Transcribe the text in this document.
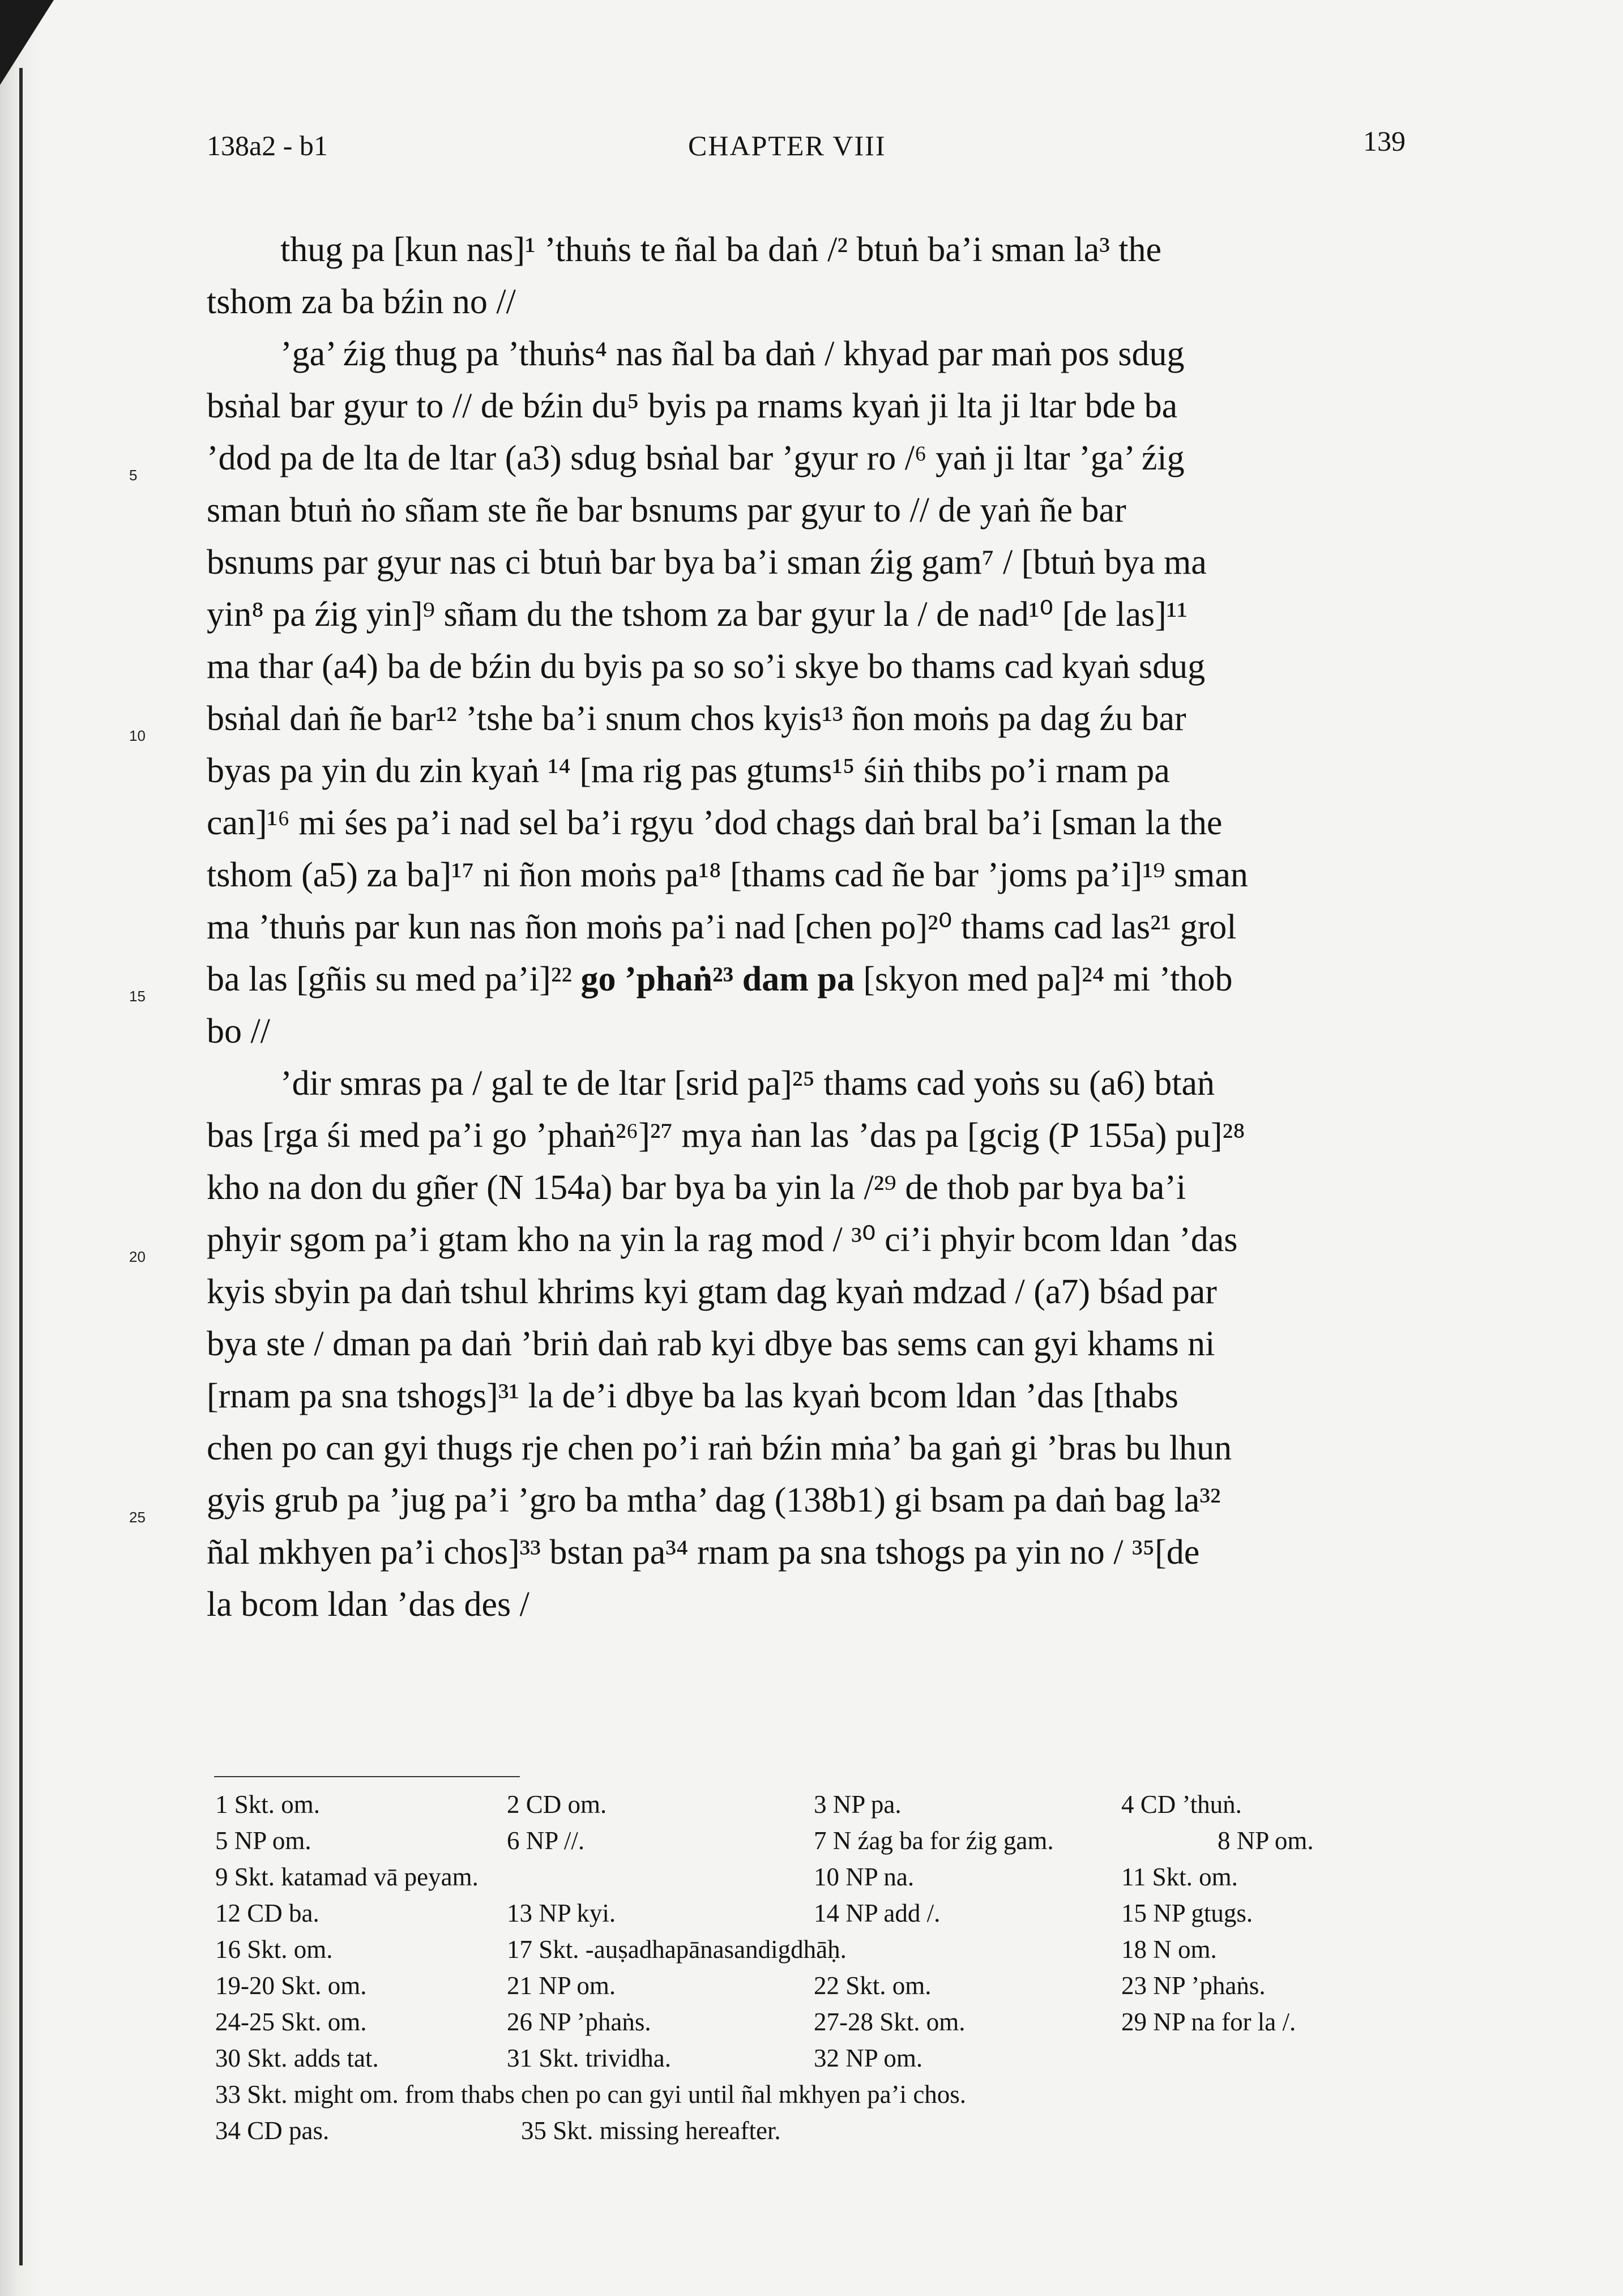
138a2 - b1	CHAPTER VIII	139
thug pa [kun nas]¹ ’thuṅs te ñal ba daṅ /² btuṅ ba’i sman la³ the
tshom za ba bźin no //
’ga’ źig thug pa ’thuṅs⁴ nas ñal ba daṅ / khyad par maṅ pos sdug
bsṅal bar gyur to // de bźin du⁵ byis pa rnams kyaṅ ji lta ji ltar bde ba
’dod pa de lta de ltar (a3) sdug bsṅal bar ’gyur ro /⁶ yaṅ ji ltar ’ga’ źig
sman btuṅ ṅo sñam ste ñe bar bsnums par gyur to // de yaṅ ñe bar
bsnums par gyur nas ci btuṅ bar bya ba’i sman źig gam⁷ / [btuṅ bya ma
yin⁸ pa źig yin]⁹ sñam du the tshom za bar gyur la / de nad¹⁰ [de las]¹¹
ma thar (a4) ba de bźin du byis pa so so’i skye bo thams cad kyaṅ sdug
bsṅal daṅ ñe bar¹² ’tshe ba’i snum chos kyis¹³ ñon moṅs pa dag źu bar
byas pa yin du zin kyaṅ ¹⁴ [ma rig pas gtums¹⁵ śiṅ thibs po’i rnam pa
can]¹⁶ mi śes pa’i nad sel ba’i rgyu ’dod chags daṅ bral ba’i [sman la the
tshom (a5) za ba]¹⁷ ni ñon moṅs pa¹⁸ [thams cad ñe bar ’joms pa’i]¹⁹ sman
ma ’thuṅs par kun nas ñon moṅs pa’i nad [chen po]²⁰ thams cad las²¹ grol
ba las [gñis su med pa’i]²² go ’phaṅ²³ dam pa [skyon med pa]²⁴ mi ’thob
bo //
’dir smras pa / gal te de ltar [srid pa]²⁵ thams cad yoṅs su (a6) btaṅ
bas [rga śi med pa’i go ’phaṅ²⁶]²⁷ mya ṅan las ’das pa [gcig (P 155a) pu]²⁸
kho na don du gñer (N 154a) bar bya ba yin la /²⁹ de thob par bya ba’i
phyir sgom pa’i gtam kho na yin la rag mod / ³⁰ ci’i phyir bcom ldan ’das
kyis sbyin pa daṅ tshul khrims kyi gtam dag kyaṅ mdzad / (a7) bśad par
bya ste / dman pa daṅ ’briṅ daṅ rab kyi dbye bas sems can gyi khams ni
[rnam pa sna tshogs]³¹ la de’i dbye ba las kyaṅ bcom ldan ’das [thabs
chen po can gyi thugs rje chen po’i raṅ bźin mṅa’ ba gaṅ gi ’bras bu lhun
gyis grub pa ’jug pa’i ’gro ba mtha’ dag (138b1) gi bsam pa daṅ bag la³²
ñal mkhyen pa’i chos]³³ bstan pa³⁴ rnam pa sna tshogs pa yin no / ³⁵[de
la bcom ldan ’das des /
5
10
15
20
25
1 Skt. om.	2 CD om.	3 NP pa.	4 CD ’thuṅ.
5 NP om.	6 NP //.	7 N źag ba for źig gam.	8 NP om.
9 Skt. katamad vā peyam.	10 NP na.	11 Skt. om.
12 CD ba.	13 NP kyi.	14 NP add /.	15 NP gtugs.
16 Skt. om.	17 Skt. -auṣadhapānasandigdhāḥ.	18 N om.
19-20 Skt. om.	21 NP om.	22 Skt. om.	23 NP ’phaṅs.
24-25 Skt. om.	26 NP ’phaṅs.	27-28 Skt. om.	29 NP na for la /.
30 Skt. adds tat.	31 Skt. trividha.	32 NP om.
33 Skt. might om. from thabs chen po can gyi until ñal mkhyen pa’i chos.
34 CD pas.	35 Skt. missing hereafter.
